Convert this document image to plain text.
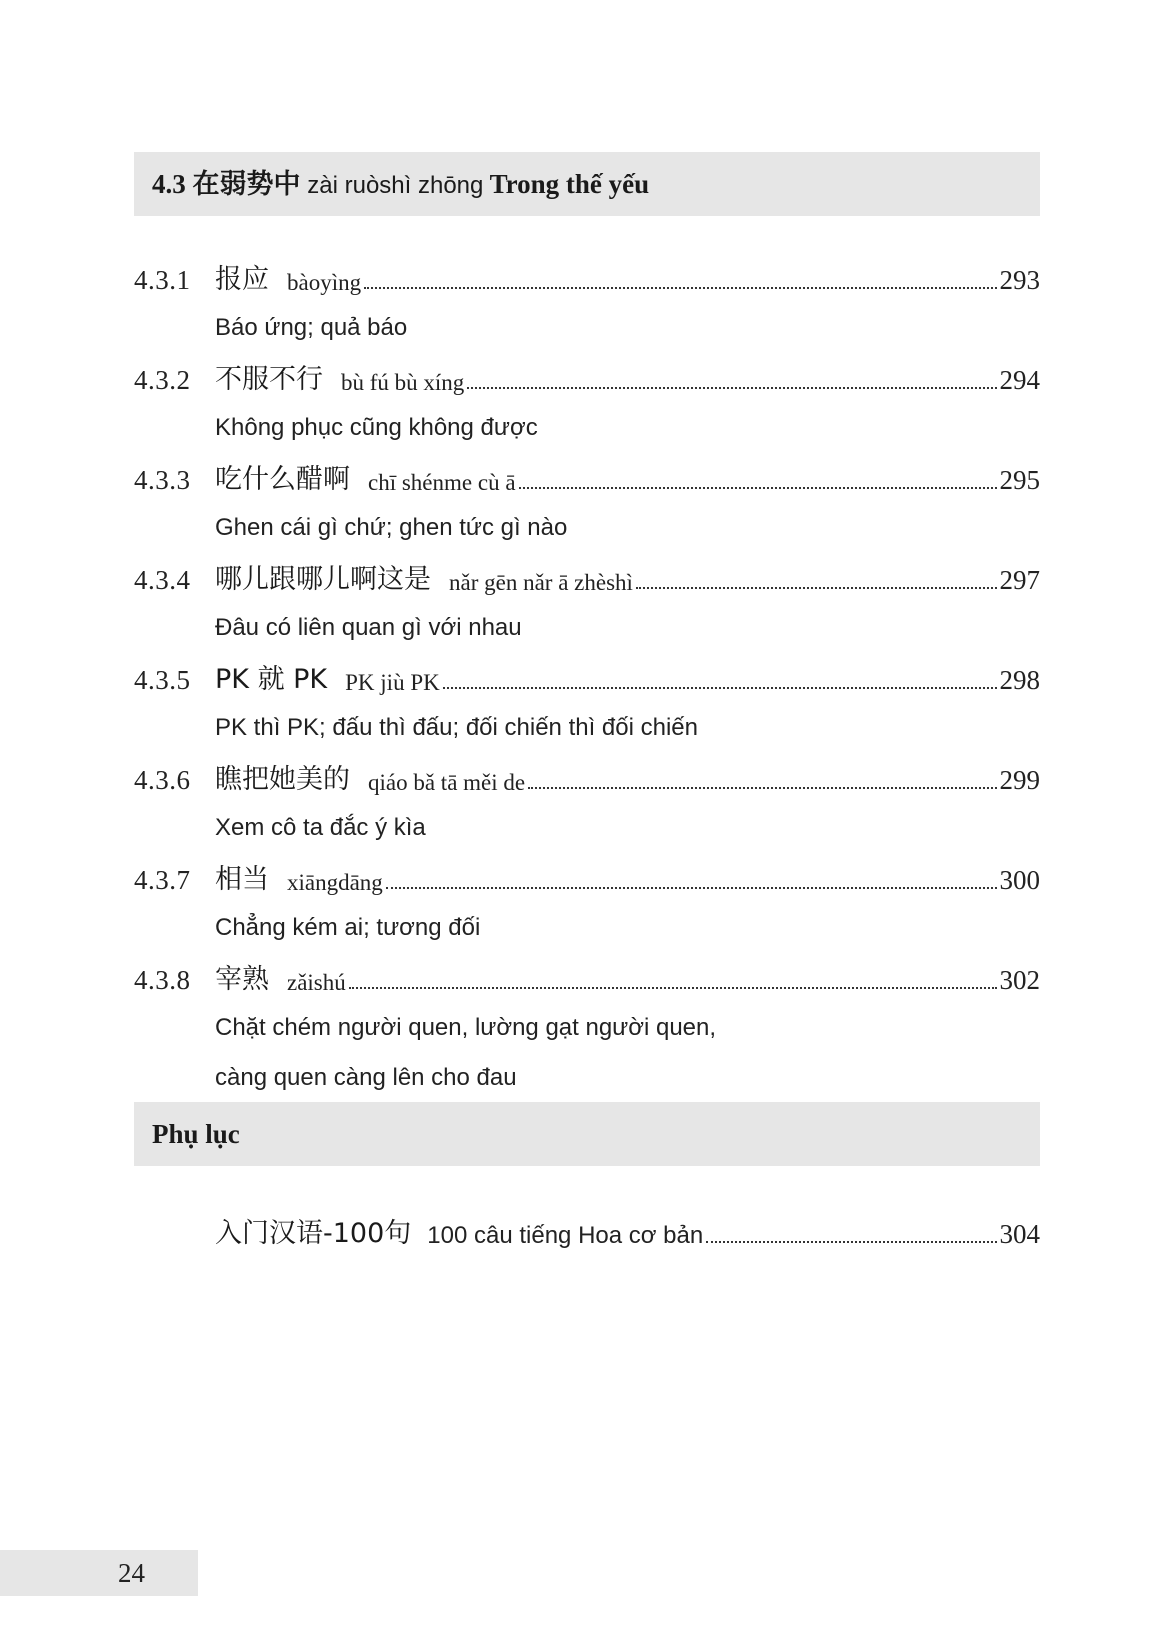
4.3 在弱势中 zài ruòshì zhōng Trong thế yếu
4.3.1 报应 bàoyìng	293
Báo ứng; quả báo
4.3.2 不服不行 bù fú bù xíng	294
Không phục cũng không được
4.3.3 吃什么醋啊 chī shénme cù ā	295
Ghen cái gì chứ; ghen tức gì nào
4.3.4 哪儿跟哪儿啊这是 nǎr gēn nǎr ā zhèshì	297
Đâu có liên quan gì với nhau
4.3.5 PK 就 PK PK jiù PK	298
PK thì PK; đấu thì đấu; đối chiến thì đối chiến
4.3.6 瞧把她美的 qiáo bǎ tā měi de	299
Xem cô ta đắc ý kìa
4.3.7 相当 xiāngdāng	300
Chẳng kém ai; tương đối
4.3.8 宰熟 zǎishú	302
Chặt chém người quen, lường gạt người quen,
càng quen càng lên cho đau
Phụ lục
入门汉语-100句 100 câu tiếng Hoa cơ bản	304
24
